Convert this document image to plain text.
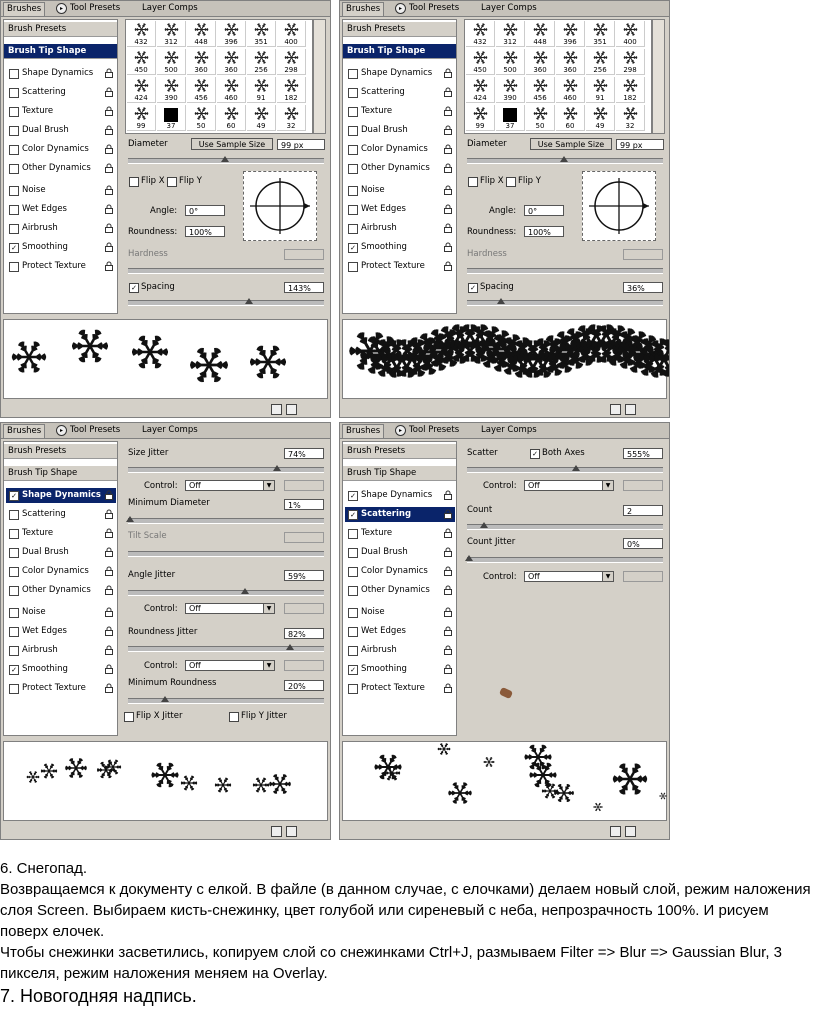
Brushes	▸ Tool Presets	Layer Comps
Brush Presets
Brush Tip Shape
Shape Dynamics
Scattering
Texture
Dual Brush
Color Dynamics
Other Dynamics
Noise
Wet Edges
Airbrush
✓ Smoothing
Protect Texture
432	312	448	396	351	400
450	500	360	360	256	298
424	390	456	460	91	182
99	37	50	60	49	32
Diameter	Use Sample Size	99 px
Flip X Flip Y
Angle:	0°
Roundness:	100%
Hardness
✓ Spacing	143%
Brushes	▸ Tool Presets	Layer Comps
Brush Presets
Brush Tip Shape
Shape Dynamics
Scattering
Texture
Dual Brush
Color Dynamics
Other Dynamics
Noise
Wet Edges
Airbrush
✓ Smoothing
Protect Texture
432	312	448	396	351	400
450	500	360	360	256	298
424	390	456	460	91	182
99	37	50	60	49	32
Diameter	Use Sample Size	99 px
Flip X Flip Y
Angle:	0°
Roundness:	100%
Hardness
✓ Spacing	36%
Brushes	▸ Tool Presets	Layer Comps
Brush Presets
Brush Tip Shape
✓ Shape Dynamics
Scattering
Texture
Dual Brush
Color Dynamics
Other Dynamics
Noise
Wet Edges
Airbrush
✓ Smoothing
Protect Texture
Size Jitter	74%
Control:	Off	▼
Minimum Diameter	1%
Tilt Scale
Angle Jitter	59%
Control:	Off	▼
Roundness Jitter	82%
Control:	Off	▼
Minimum Roundness	20%
Flip X Jitter	Flip Y Jitter
Brushes	▸ Tool Presets	Layer Comps
Brush Presets
Brush Tip Shape
✓ Shape Dynamics
✓ Scattering
Texture
Dual Brush
Color Dynamics
Other Dynamics
Noise
Wet Edges
Airbrush
✓ Smoothing
Protect Texture
Scatter	✓ Both Axes	555%
Control:	Off	▼
Count	2
Count Jitter	0%
Control:	Off	▼
6. Снегопад.
Возвращаемся к документу с елкой. В файле (в данном случае, с елочками) делаем новый слой, режим наложения слоя Screen. Выбираем кисть-снежинку, цвет голубой или сиреневый с неба, непрозрачность 100%. И рисуем поверх елочек.
Чтобы снежинки засветились, копируем слой со снежинками Ctrl+J, размываем Filter => Blur => Gaussian Blur, 3 пикселя, режим наложения меняем на Overlay.
7. Новогодняя надпись.
